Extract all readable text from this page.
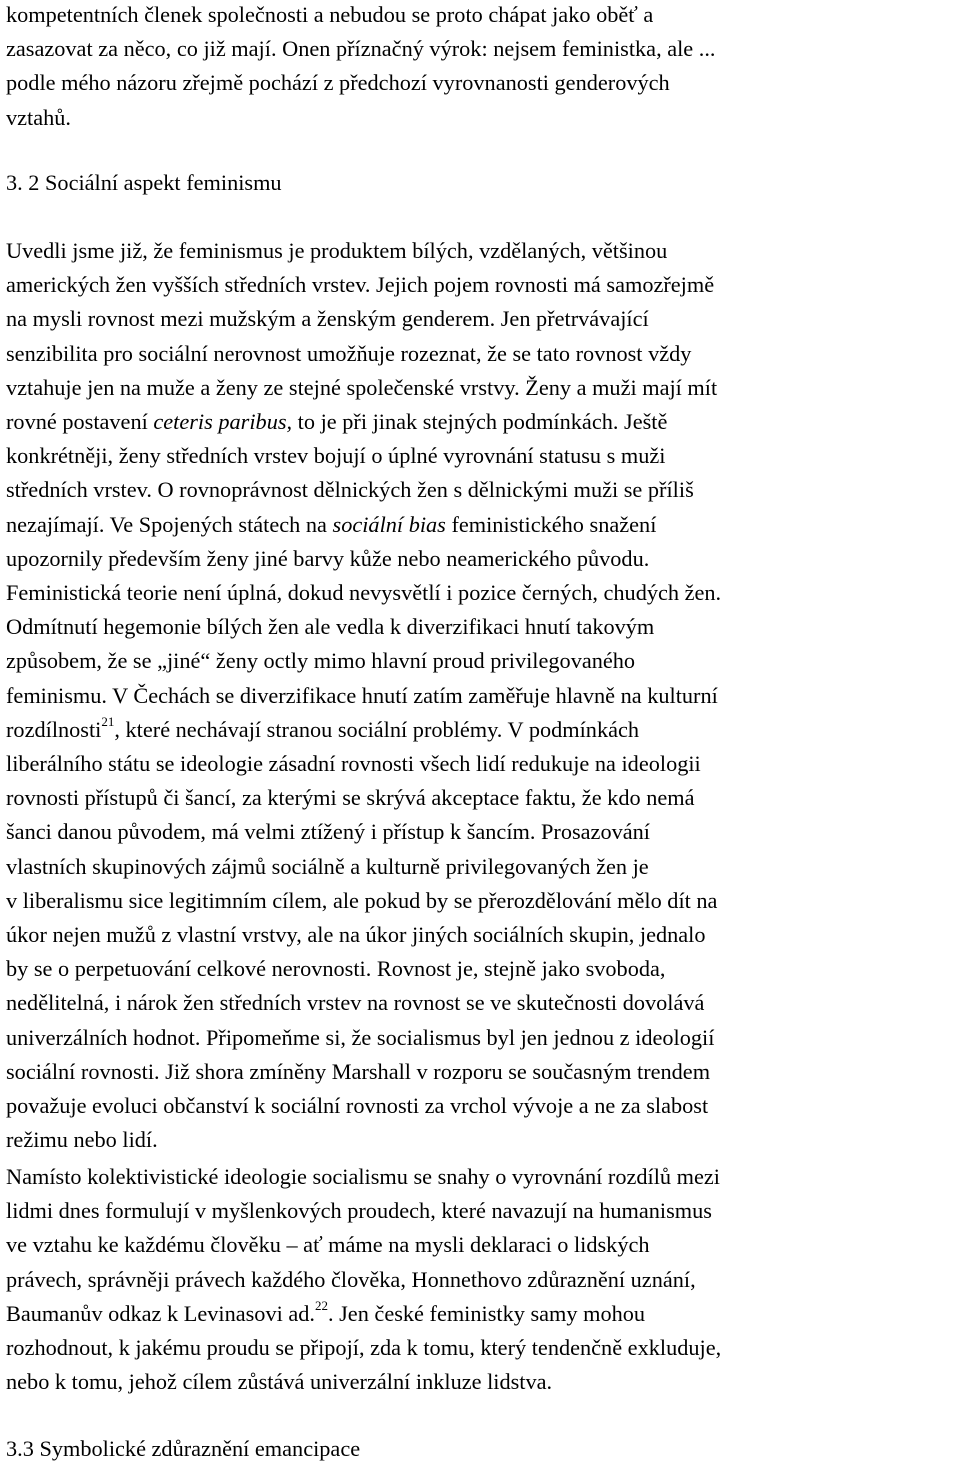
kompetentních členek společnosti a nebudou se proto chápat jako oběť a
zasazovat za něco, co již mají. Onen příznačný výrok: nejsem feministka, ale ...
podle mého názoru zřejmě pochází z předchozí vyrovnanosti genderových
vztahů.

3. 2 Sociální aspekt feminismu

Uvedli jsme již, že feminismus je produktem bílých, vzdělaných, většinou
amerických žen vyšších středních vrstev. Jejich pojem rovnosti má samozřejmě
na mysli rovnost mezi mužským a ženským genderem. Jen přetrvávající
senzibilita pro sociální nerovnost umožňuje rozeznat, že se tato rovnost vždy
vztahuje jen na muže a ženy ze stejné společenské vrstvy. Ženy a muži mají mít
rovné postavení ceteris paribus, to je při jinak stejných podmínkách. Ještě
konkrétněji, ženy středních vrstev bojují o úplné vyrovnání statusu s muži
středních vrstev. O rovnoprávnost dělnických žen s dělnickými muži se příliš
nezajímají. Ve Spojených státech na sociální bias feministického snažení
upozornily především ženy jiné barvy kůže nebo neamerického původu.
Feministická teorie není úplná, dokud nevysvětlí i pozice černých, chudých žen.
Odmítnutí hegemonie bílých žen ale vedla k diverzifikaci hnutí takovým
způsobem, že se „jiné“ ženy octly mimo hlavní proud privilegovaného
feminismu. V Čechách se diverzifikace hnutí zatím zaměřuje hlavně na kulturní
rozdílnosti$^{21}$, které nechávají stranou sociální problémy. V podmínkách
liberálního státu se ideologie zásadní rovnosti všech lidí redukuje na ideologii
rovnosti přístupů či šancí, za kterými se skrývá akceptace faktu, že kdo nemá
šanci danou původem, má velmi ztížený i přístup k šancím. Prosazování
vlastních skupinových zájmů sociálně a kulturně privilegovaných žen je
v liberalismu sice legitimním cílem, ale pokud by se přerozdělování mělo dít na
úkor nejen mužů z vlastní vrstvy, ale na úkor jiných sociálních skupin, jednalo
by se o perpetuování celkové nerovnosti. Rovnost je, stejně jako svoboda,
nedělitelná, i nárok žen středních vrstev na rovnost se ve skutečnosti dovolává
univerzálních hodnot. Připomeňme si, že socialismus byl jen jednou z ideologií
sociální rovnosti. Již shora zmíněny Marshall v rozporu se současným trendem
považuje evoluci občanství k sociální rovnosti za vrchol vývoje a ne za slabost
režimu nebo lidí.

Namísto kolektivistické ideologie socialismu se snahy o vyrovnání rozdílů mezi
lidmi dnes formulují v myšlenkových proudech, které navazují na humanismus
ve vztahu ke každému člověku – ať máme na mysli deklaraci o lidských
právech, správněji právech každého člověka, Honnethovo zdůraznění uznání,
Baumanův odkaz k Levinasovi ad.$^{22}$. Jen české feministky samy mohou
rozhodnout, k jakému proudu se připojí, zda k tomu, který tendenčně exkluduje,
nebo k tomu, jehož cílem zůstává univerzální inkluze lidstva.

3.3 Symbolické zdůraznění emancipace
